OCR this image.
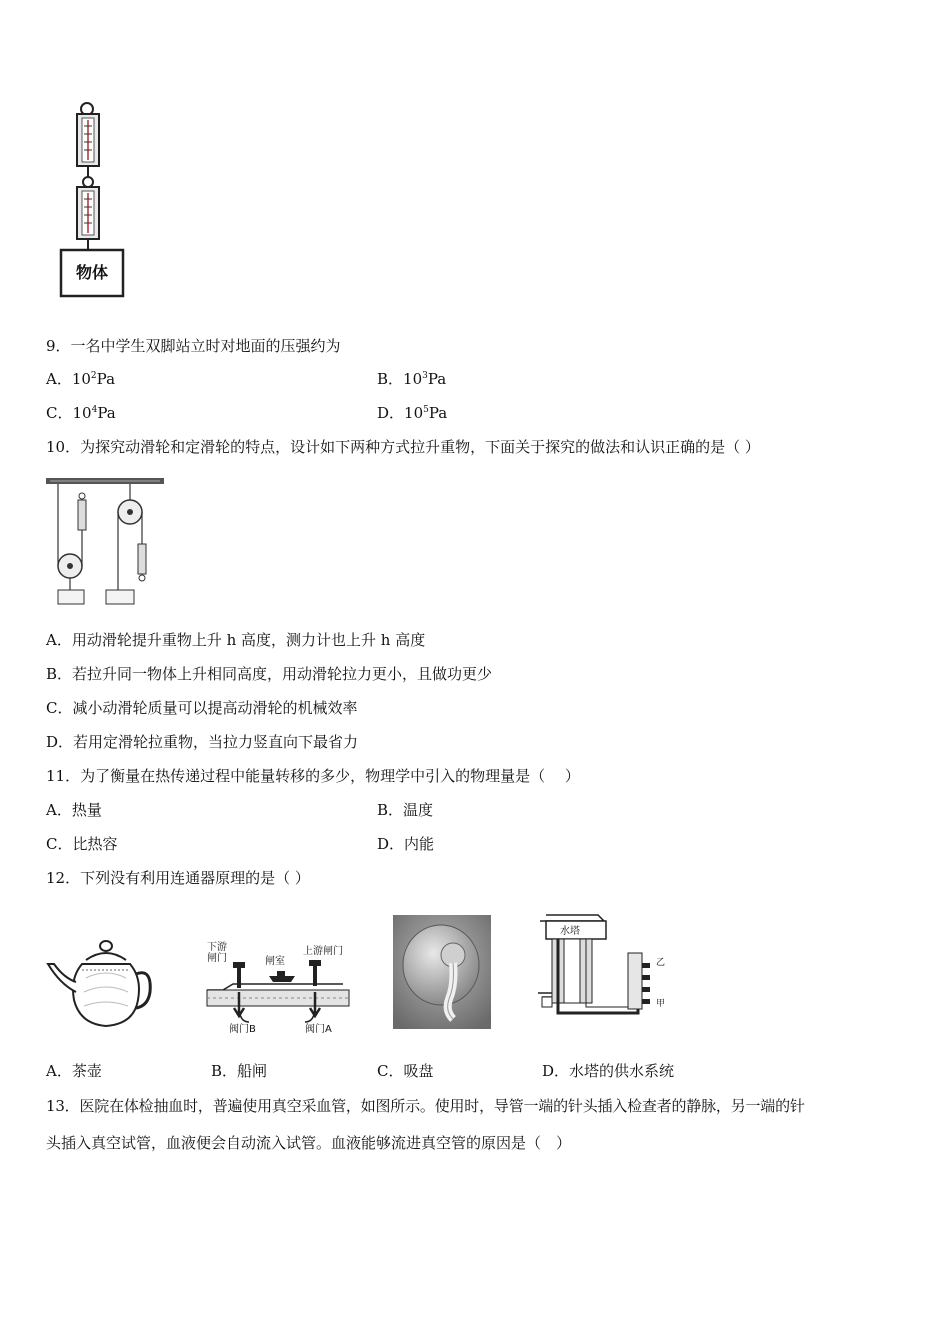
物体
9．一名中学生双脚站立时对地面的压强约为
A．$10^2Pa$	B．$10^3Pa$
C．$10^4Pa$	D．$10^5Pa$
10．为探究动滑轮和定滑轮的特点，设计如下两种方式拉升重物，下面关于探究的做法和认识正确的是（ ）
A．用动滑轮提升重物上升 h 高度，测力计也上升 h 高度
B．若拉升同一物体上升相同高度，用动滑轮拉力更小，且做功更少
C．减小动滑轮质量可以提高动滑轮的机械效率
D．若用定滑轮拉重物，当拉力竖直向下最省力
11．为了衡量在热传递过程中能量转移的多少，物理学中引入的物理量是（　 ）
A．热量	B．温度
C．比热容	D．内能
12．下列没有利用连通器原理的是（ ）
下游闸门	闸室
上游闸门
阀门B	阀门A
水塔
乙
甲
A．茶壶	B．船闸	C．吸盘	D．水塔的供水系统
13．医院在体检抽血时，普遍使用真空采血管，如图所示。使用时，导管一端的针头插入检查者的静脉，另一端的针
头插入真空试管，血液便会自动流入试管。血液能够流进真空管的原因是（　）
